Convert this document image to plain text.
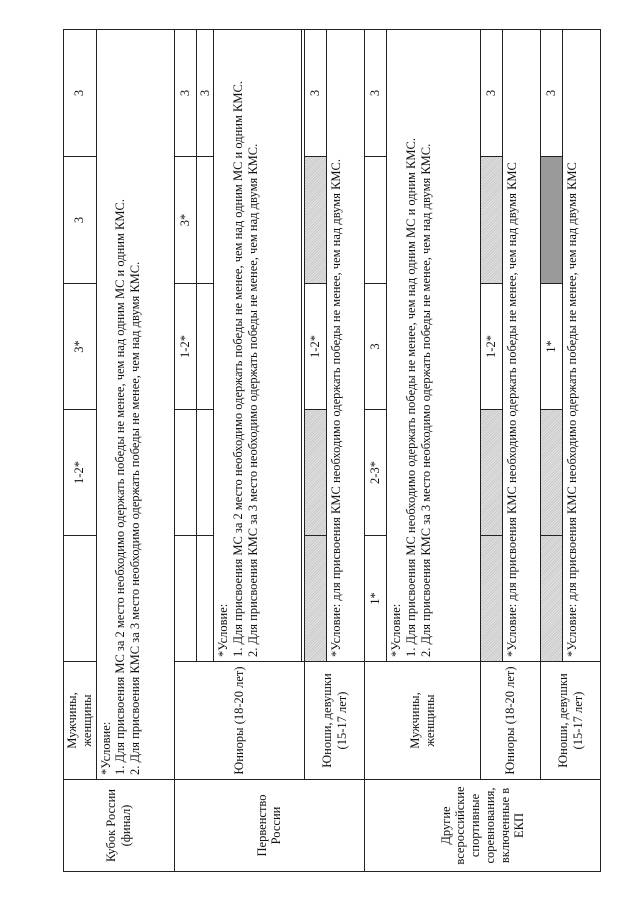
Кубок России (финал)	Мужчины, женщины		1-2*	3*	3	3

	*Условие: 1. Для присвоения МС за 2 место необходимо одержать победы не менее, чем над одним МС и одним КМС. 2. Для присвоения КМС за 3 место необходимо одержать победы не менее, чем над двумя КМС.					

Первенство России	Юниоры (18-20 лет)			1-2*	3*	3
						3

		*Условие: 1. Для присвоения МС за 2 место необходимо одержать победы не менее, чем над одним МС и одним КМС. 2. Для присвоения КМС за 3 место необходимо одержать победы не менее, чем над двумя КМС.				

	Юноши, девушки (15-17 лет)			1-2*		3
		*Условие: для присвоения КМС необходимо одержать победы не менее, чем над двумя КМС.				
Другие всероссийские спортивные соревнования, включенные в ЕКП	Мужчины, женщины	1*	2-3*	3		3

		*Условие: 1. Для присвоения МС необходимо одержать победы не менее, чем над одним МС и одним КМС. 2. Для присвоения КМС за 3 место необходимо одержать победы не менее, чем над двумя КМС.				

	Юниоры (18-20 лет)			1-2*		3
		*Условие: для присвоения КМС необходимо одержать победы не менее, чем над двумя КМС				
	Юноши, девушки (15-17 лет)			1*		3
		*Условие: для присвоения КМС необходимо одержать победы не менее, чем над двумя КМС				
